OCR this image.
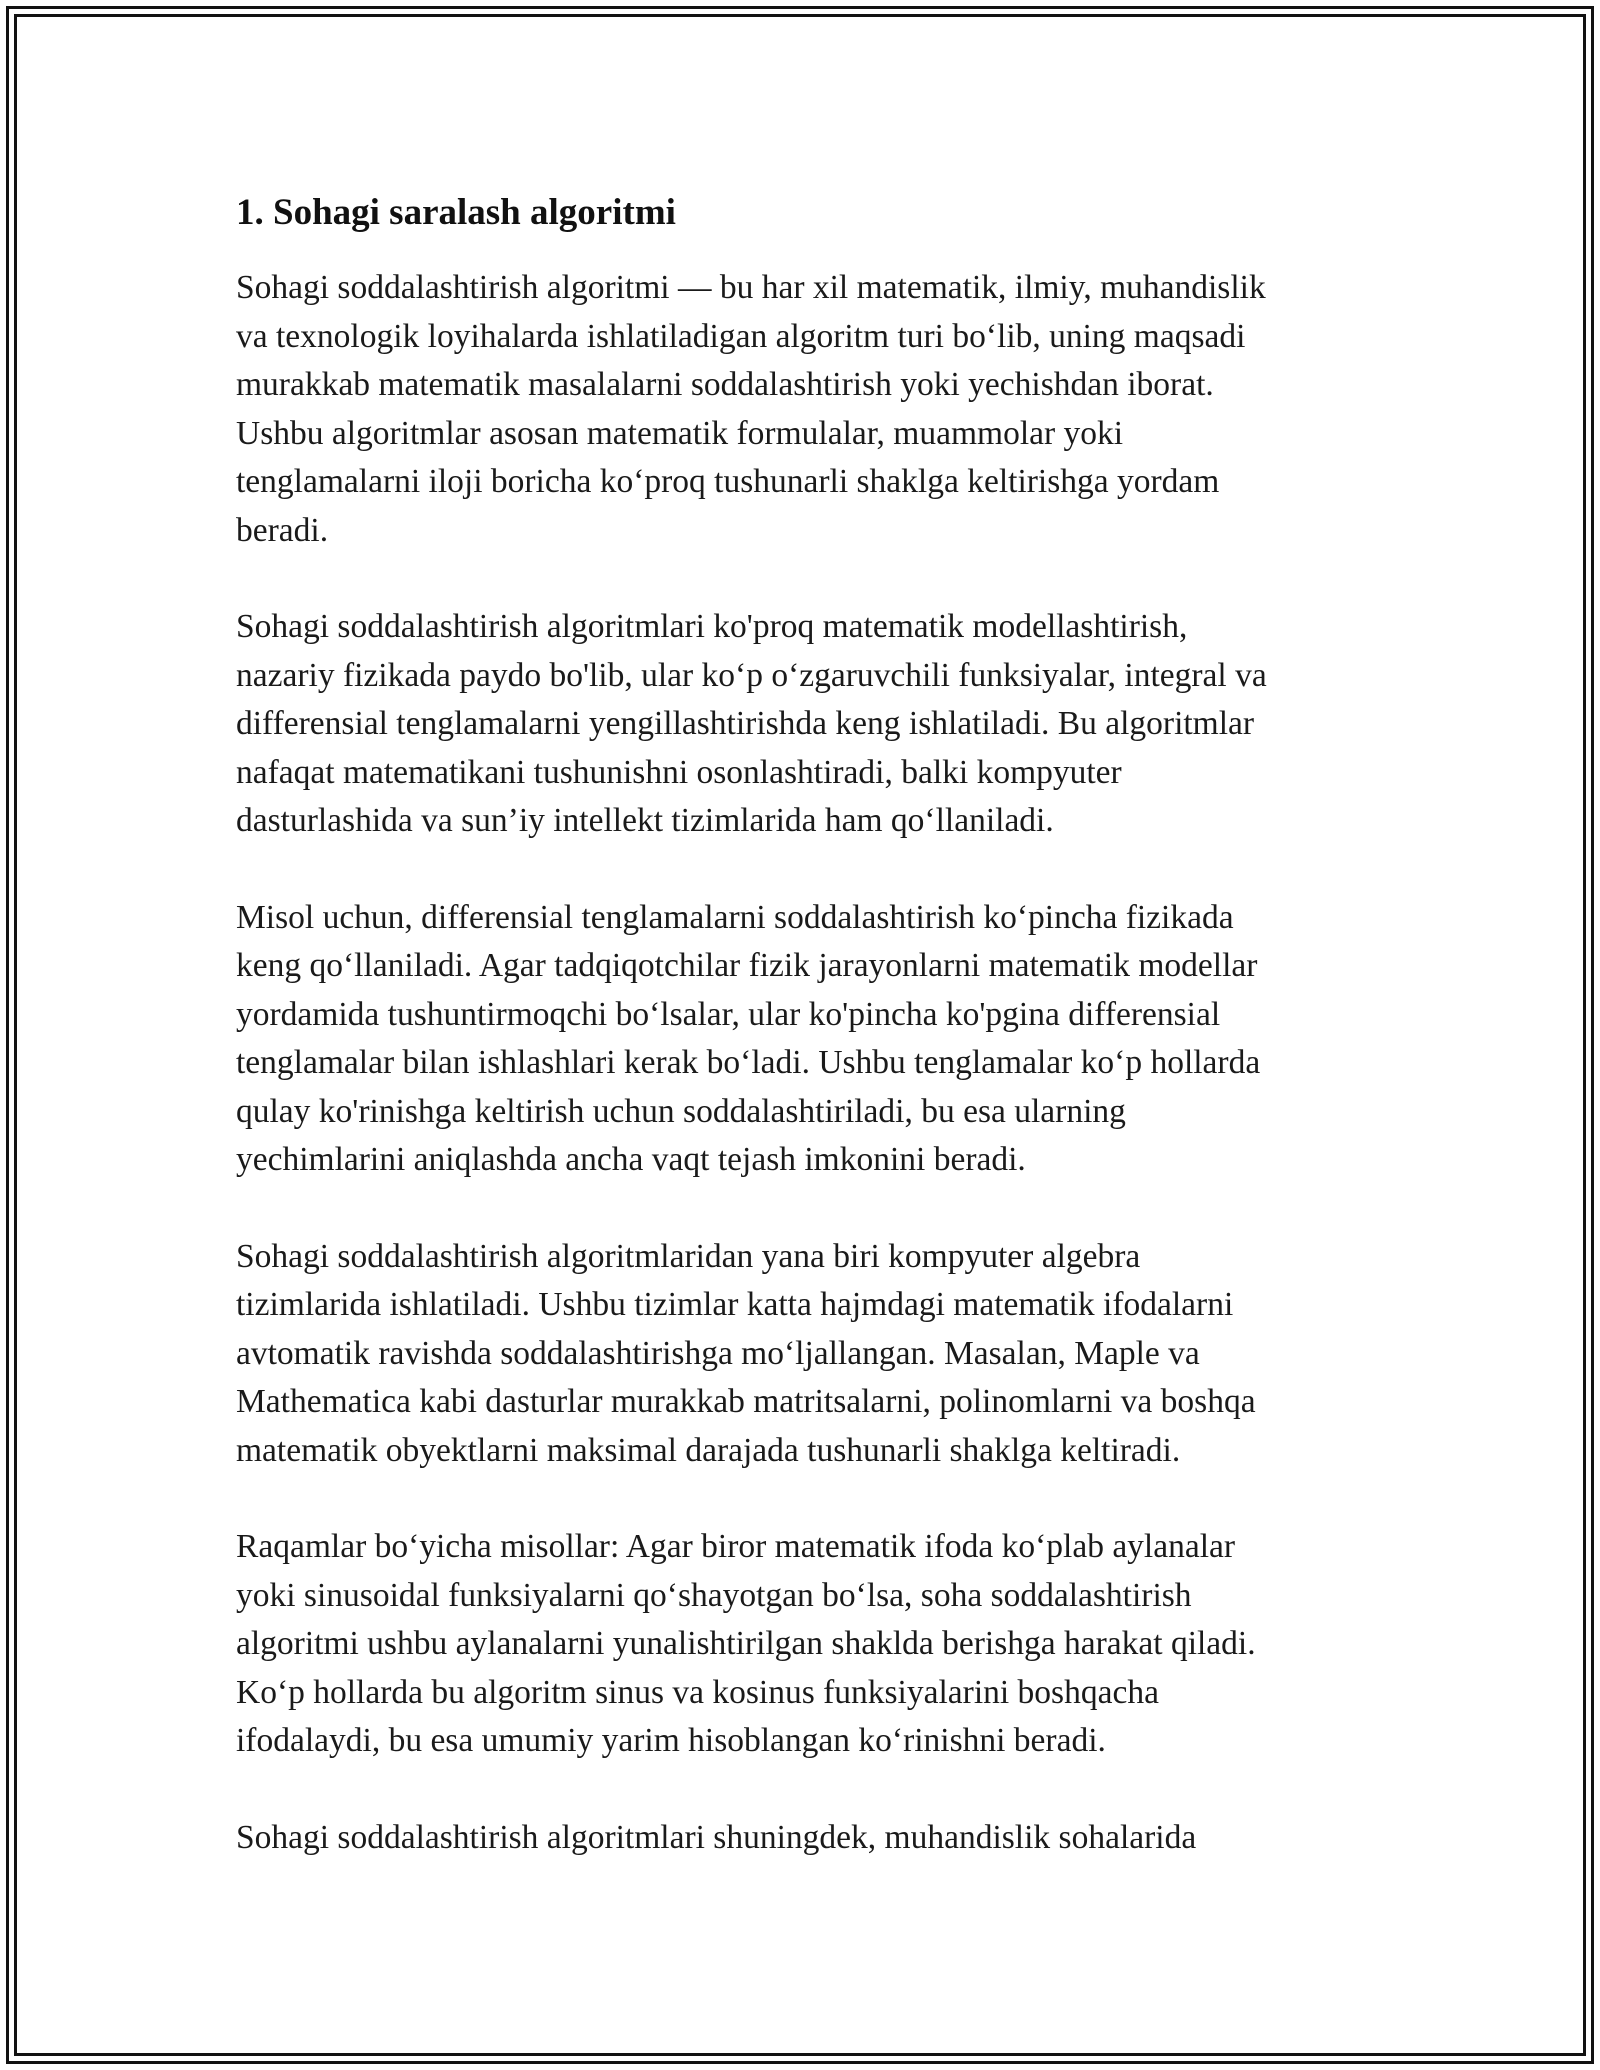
1. Sohagi saralash algoritmi

Sohagi soddalashtirish algoritmi — bu har xil matematik, ilmiy, muhandislik
va texnologik loyihalarda ishlatiladigan algoritm turi bo‘lib, uning maqsadi
murakkab matematik masalalarni soddalashtirish yoki yechishdan iborat.
Ushbu algoritmlar asosan matematik formulalar, muammolar yoki
tenglamalarni iloji boricha ko‘proq tushunarli shaklga keltirishga yordam
beradi.

Sohagi soddalashtirish algoritmlari ko'proq matematik modellashtirish,
nazariy fizikada paydo bo'lib, ular ko‘p o‘zgaruvchili funksiyalar, integral va
differensial tenglamalarni yengillashtirishda keng ishlatiladi. Bu algoritmlar
nafaqat matematikani tushunishni osonlashtiradi, balki kompyuter
dasturlashida va sun’iy intellekt tizimlarida ham qo‘llaniladi.

Misol uchun, differensial tenglamalarni soddalashtirish ko‘pincha fizikada
keng qo‘llaniladi. Agar tadqiqotchilar fizik jarayonlarni matematik modellar
yordamida tushuntirmoqchi bo‘lsalar, ular ko'pincha ko'pgina differensial
tenglamalar bilan ishlashlari kerak bo‘ladi. Ushbu tenglamalar ko‘p hollarda
qulay ko'rinishga keltirish uchun soddalashtiriladi, bu esa ularning
yechimlarini aniqlashda ancha vaqt tejash imkonini beradi.

Sohagi soddalashtirish algoritmlaridan yana biri kompyuter algebra
tizimlarida ishlatiladi. Ushbu tizimlar katta hajmdagi matematik ifodalarni
avtomatik ravishda soddalashtirishga mo‘ljallangan. Masalan, Maple va
Mathematica kabi dasturlar murakkab matritsalarni, polinomlarni va boshqa
matematik obyektlarni maksimal darajada tushunarli shaklga keltiradi.

Raqamlar bo‘yicha misollar: Agar biror matematik ifoda ko‘plab aylanalar
yoki sinusoidal funksiyalarni qo‘shayotgan bo‘lsa, soha soddalashtirish
algoritmi ushbu aylanalarni yunalishtirilgan shakldа berishga harakat qiladi.
Ko‘p hollarda bu algoritm sinus va kosinus funksiyalarini boshqacha
ifodalaydi, bu esa umumiy yarim hisoblangan ko‘rinishni beradi.

Sohagi soddalashtirish algoritmlari shuningdek, muhandislik sohalarida
